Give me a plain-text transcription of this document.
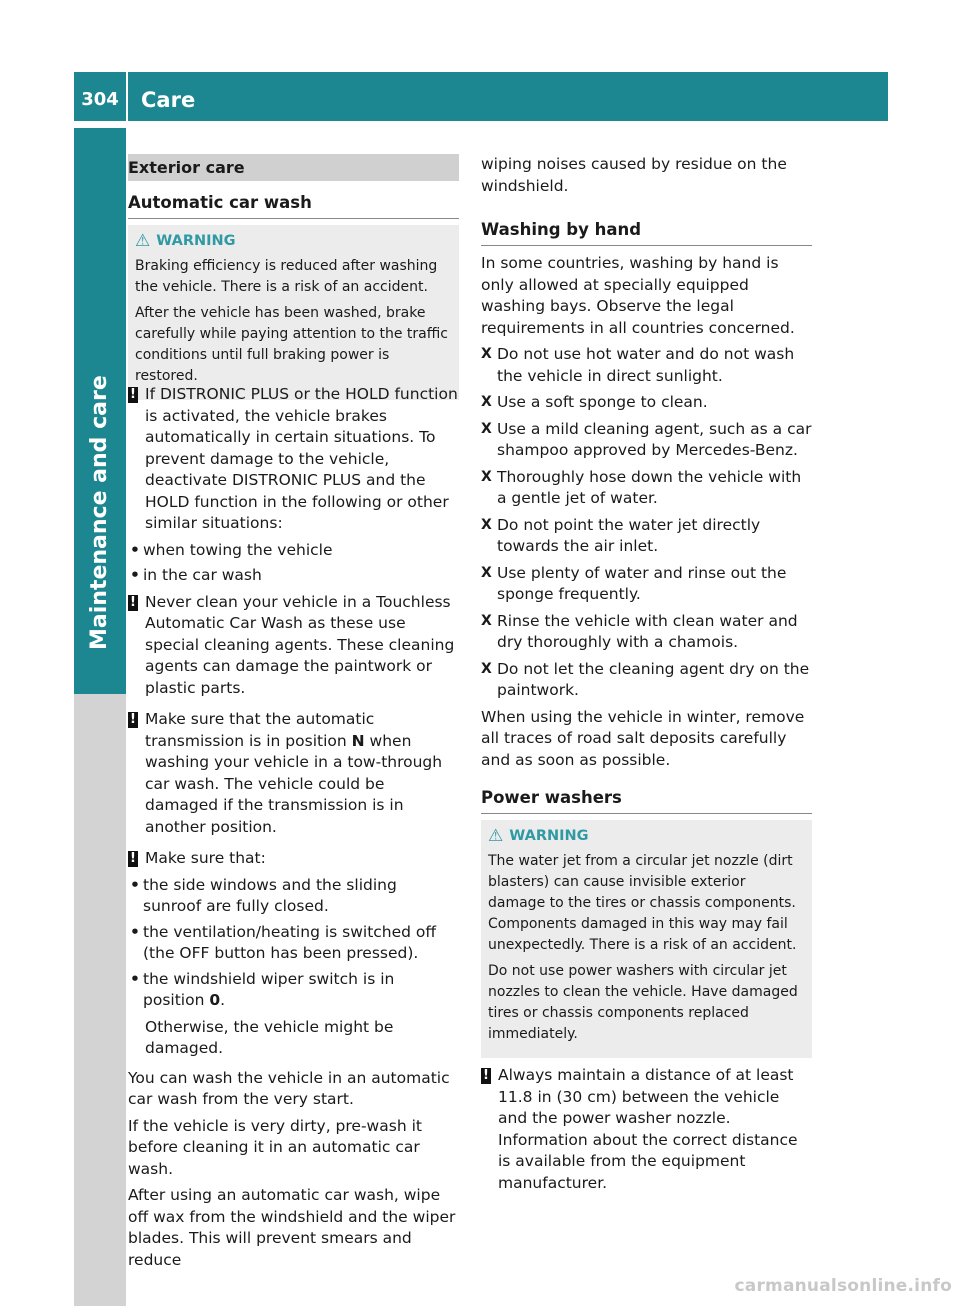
304	Care
Maintenance and care
Exterior care
Automatic car wash
⚠ WARNING

Braking efficiency is reduced after washing the vehicle. There is a risk of an accident.

After the vehicle has been washed, brake carefully while paying attention to the traffic conditions until full braking power is restored.

! If DISTRONIC PLUS or the HOLD function is activated, the vehicle brakes automatically in certain situations. To prevent damage to the vehicle, deactivate DISTRONIC PLUS and the HOLD function in the following or other similar situations:

• when towing the vehicle

• in the car wash

! Never clean your vehicle in a Touchless Automatic Car Wash as these use special cleaning agents. These cleaning agents can damage the paintwork or plastic parts.

! Make sure that the automatic transmission is in position N when washing your vehicle in a tow-through car wash. The vehicle could be damaged if the transmission is in another position.

! Make sure that:

• the side windows and the sliding sunroof are fully closed.

• the ventilation/heating is switched off (the OFF button has been pressed).

• the windshield wiper switch is in position 0.

Otherwise, the vehicle might be damaged.

You can wash the vehicle in an automatic car wash from the very start.

If the vehicle is very dirty, pre-wash it before cleaning it in an automatic car wash.

After using an automatic car wash, wipe off wax from the windshield and the wiper blades. This will prevent smears and reduce

wiping noises caused by residue on the windshield.

Washing by hand

In some countries, washing by hand is only allowed at specially equipped washing bays. Observe the legal requirements in all countries concerned.

X Do not use hot water and do not wash the vehicle in direct sunlight.

X Use a soft sponge to clean.

X Use a mild cleaning agent, such as a car shampoo approved by Mercedes-Benz.

X Thoroughly hose down the vehicle with a gentle jet of water.

X Do not point the water jet directly towards the air inlet.

X Use plenty of water and rinse out the sponge frequently.

X Rinse the vehicle with clean water and dry thoroughly with a chamois.

X Do not let the cleaning agent dry on the paintwork.

When using the vehicle in winter, remove all traces of road salt deposits carefully and as soon as possible.

Power washers
⚠ WARNING

The water jet from a circular jet nozzle (dirt blasters) can cause invisible exterior damage to the tires or chassis components. Components damaged in this way may fail unexpectedly. There is a risk of an accident.

Do not use power washers with circular jet nozzles to clean the vehicle. Have damaged tires or chassis components replaced immediately.

! Always maintain a distance of at least 11.8 in (30 cm) between the vehicle and the power washer nozzle. Information about the correct distance is available from the equipment manufacturer.

carmanualsonline.info
